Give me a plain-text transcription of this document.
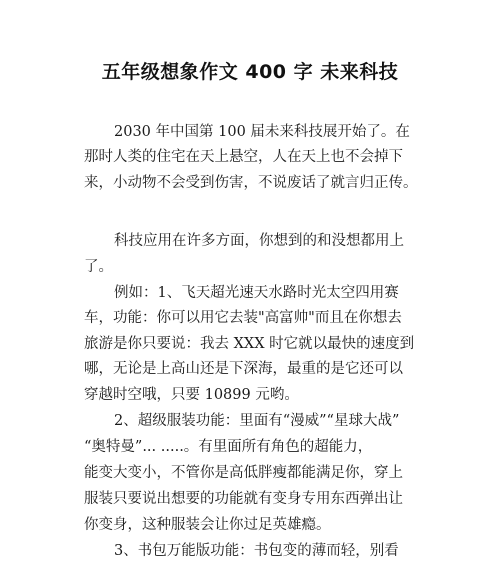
五年级想象作文 400 字 未来科技
2030 年中国第 100 届未来科技展开始了。在
那时人类的住宅在天上悬空，人在天上也不会掉下
来，小动物不会受到伤害，不说废话了就言归正传。
科技应用在许多方面，你想到的和没想都用上
了。
例如：1、飞天超光速天水路时光太空四用赛
车，功能：你可以用它去装"高富帅"而且在你想去
旅游是你只要说：我去 XXX 时它就以最快的速度到
哪，无论是上高山还是下深海，最重的是它还可以
穿越时空哦，只要 10899 元哟。
2、超级服装功能：里面有“漫威”“星球大战”
“奥特曼”... .....。有里面所有角色的超能力，
能变大变小，不管你是高低胖瘦都能满足你，穿上
服装只要说出想要的功能就有变身专用东西弹出让
你变身，这种服装会让你过足英雄瘾。
3、书包万能版功能：书包变的薄而轻，别看
